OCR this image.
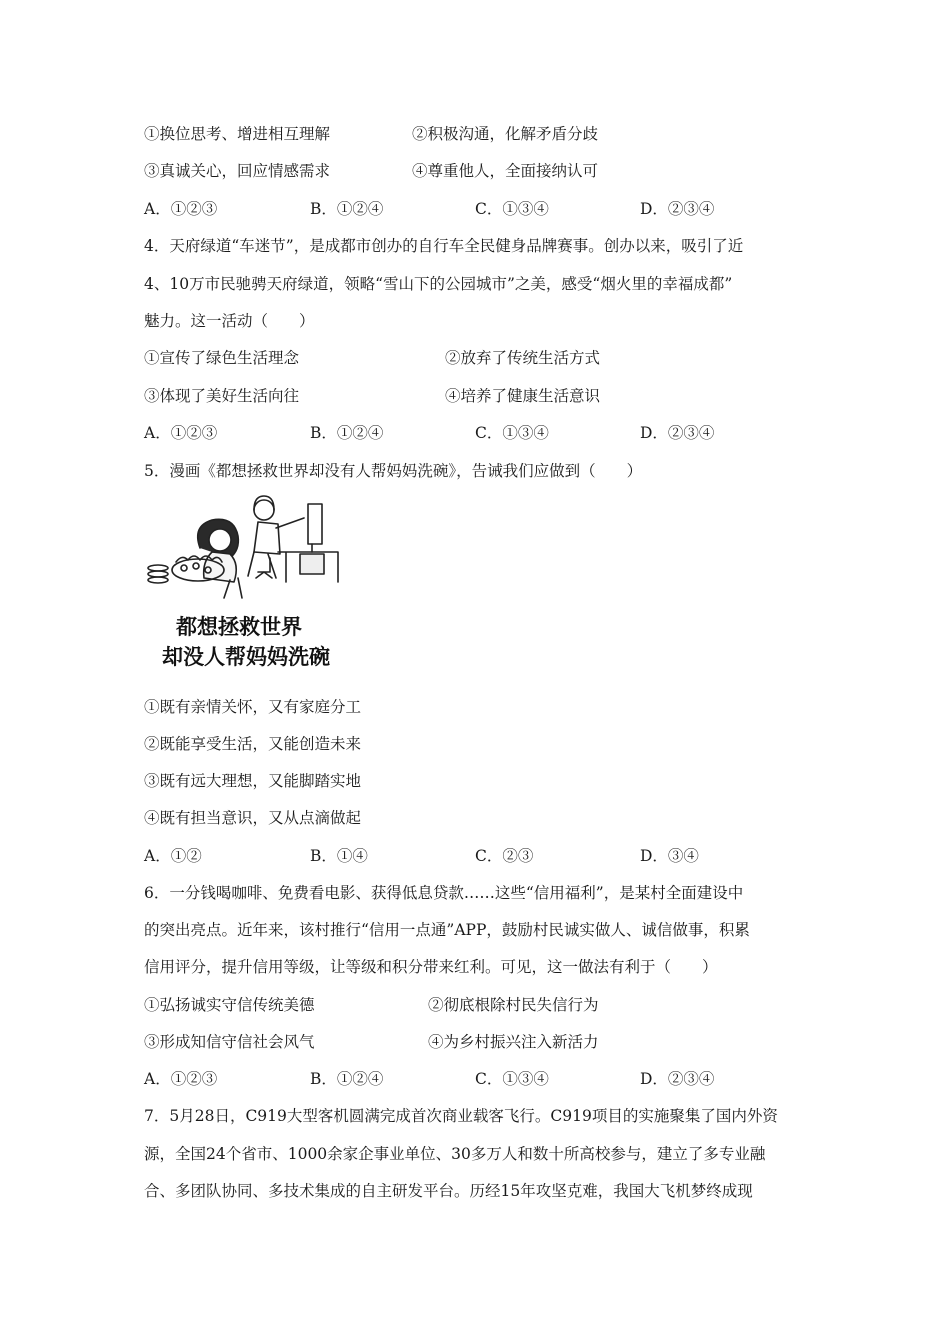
①换位思考、增进相互理解	②积极沟通，化解矛盾分歧
③真诚关心，回应情感需求	④尊重他人，全面接纳认可
A．①②③	B．①②④	C．①③④	D．②③④
4．天府绿道“车迷节”，是成都市创办的自行车全民健身品牌赛事。创办以来，吸引了近
4、10万市民驰骋天府绿道，领略“雪山下的公园城市”之美，感受“烟火里的幸福成都”
魅力。这一活动（　　）
①宣传了绿色生活理念	②放弃了传统生活方式
③体现了美好生活向往	④培养了健康生活意识
A．①②③	B．①②④	C．①③④	D．②③④
5．漫画《都想拯救世界却没有人帮妈妈洗碗》，告诫我们应做到（　　）
都想拯救世界
却没人帮妈妈洗碗
①既有亲情关怀，又有家庭分工
②既能享受生活，又能创造未来
③既有远大理想，又能脚踏实地
④既有担当意识，又从点滴做起
A．①②	B．①④	C．②③	D．③④
6．一分钱喝咖啡、免费看电影、获得低息贷款……这些“信用福利”，是某村全面建设中
的突出亮点。近年来，该村推行“信用一点通”APP，鼓励村民诚实做人、诚信做事，积累
信用评分，提升信用等级，让等级和积分带来红利。可见，这一做法有利于（　　）
①弘扬诚实守信传统美德	②彻底根除村民失信行为
③形成知信守信社会风气	④为乡村振兴注入新活力
A．①②③	B．①②④	C．①③④	D．②③④
7．5月28日，C919大型客机圆满完成首次商业载客飞行。C919项目的实施聚集了国内外资
源，全国24个省市、1000余家企事业单位、30多万人和数十所高校参与，建立了多专业融
合、多团队协同、多技术集成的自主研发平台。历经15年攻坚克难，我国大飞机梦终成现
